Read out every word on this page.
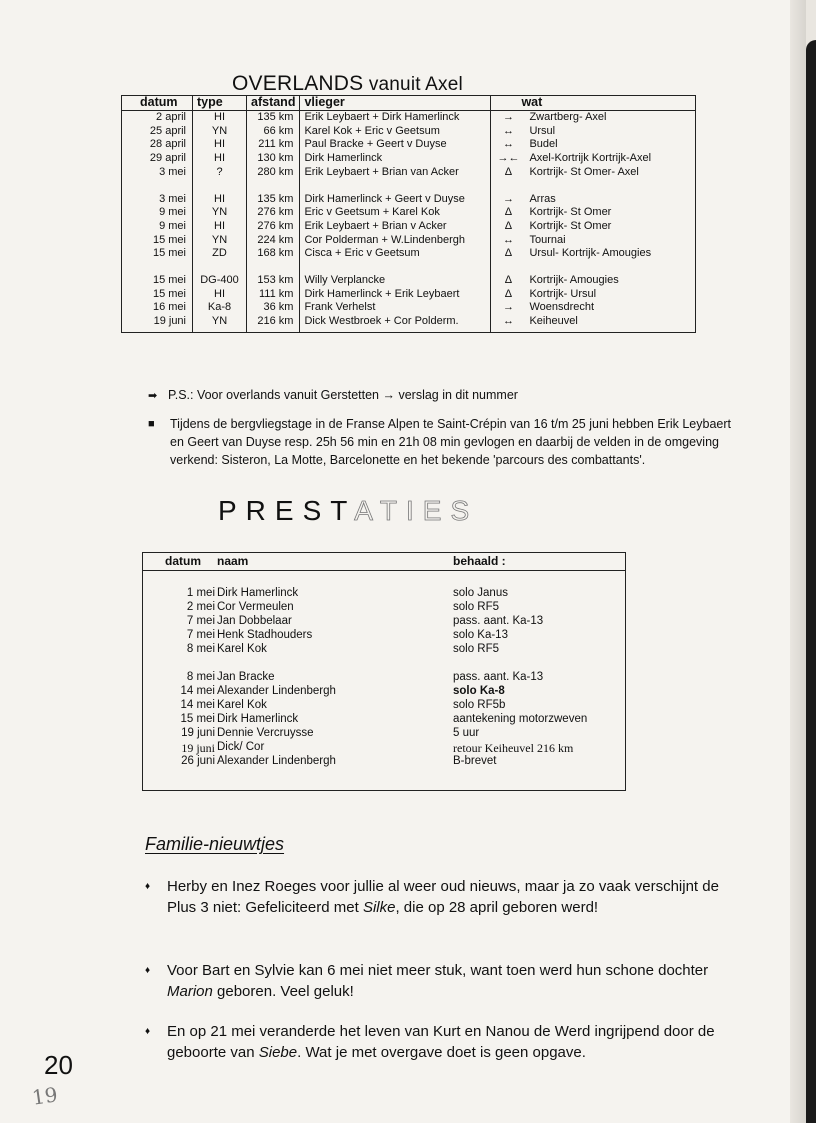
OVERLANDS vanuit Axel
datum	type	afstand	vlieger	wat	
2 april	HI	135 km	Erik Leybaert + Dirk Hamerlinck	→	Zwartberg- Axel
25 april	YN	66 km	Karel Kok + Eric v Geetsum	↔	Ursul
28 april	HI	211 km	Paul Bracke + Geert v Duyse	↔	Budel
29 april	HI	130 km	Dirk Hamerlinck	→←	Axel-Kortrijk Kortrijk-Axel
3 mei	?	280 km	Erik Leybaert + Brian van Acker	Δ	Kortrijk- St Omer- Axel

3 mei	HI	135 km	Dirk Hamerlinck + Geert v Duyse	→	Arras
9 mei	YN	276 km	Eric v Geetsum + Karel Kok	Δ	Kortrijk- St Omer
9 mei	HI	276 km	Erik Leybaert + Brian v Acker	Δ	Kortrijk- St Omer
15 mei	YN	224 km	Cor Polderman + W.Lindenbergh	↔	Tournai
15 mei	ZD	168 km	Cisca + Eric v Geetsum	Δ	Ursul- Kortrijk- Amougies

15 mei	DG-400	153 km	Willy Verplancke	Δ	Kortrijk- Amougies
15 mei	HI	111 km	Dirk Hamerlinck + Erik Leybaert	Δ	Kortrijk- Ursul
16 mei	Ka-8	36 km	Frank Verhelst	→	Woensdrecht
19 juni	YN	216 km	Dick Westbroek + Cor Polderm.	↔	Keiheuvel
➡ P.S.: Voor overlands vanuit Gerstetten → verslag in dit nummer
■	Tijdens de bergvliegstage in de Franse Alpen te Saint-Crépin van 16 t/m 25 juni hebben Erik Leybaert en Geert van Duyse resp. 25h 56 min en 21h 08 min gevlogen en daarbij de velden in de omgeving verkend: Sisteron, La Motte, Barcelonette en het bekende 'parcours des combattants'.

PRESTATIES
datum naam	behaald :
1 mei Dirk Hamerlinck	solo Janus
2 mei Cor Vermeulen	solo RF5
7 mei Jan Dobbelaar	pass. aant. Ka-13
7 mei Henk Stadhouders	solo Ka-13
8 mei Karel Kok	solo RF5
8 mei Jan Bracke	pass. aant. Ka-13
14 mei Alexander Lindenbergh	solo Ka-8
14 mei Karel Kok	solo RF5b
15 mei Dirk Hamerlinck	aantekening motorzweven
19 juni Dennie Vercruysse	5 uur
19 juni Dick/ Cor	retour Keiheuvel 216 km
26 juni Alexander Lindenbergh	B-brevet
Familie-nieuwtjes
♦	Herby en Inez Roeges voor jullie al weer oud nieuws, maar ja zo vaak verschijnt de Plus 3 niet: Gefeliciteerd met Silke, die op 28 april geboren werd!

♦	Voor Bart en Sylvie kan 6 mei niet meer stuk, want toen werd hun schone dochter Marion geboren. Veel geluk!

♦	En op 21 mei veranderde het leven van Kurt en Nanou de Werd ingrijpend door de geboorte van Siebe. Wat je met overgave doet is geen opgave.

20
19
